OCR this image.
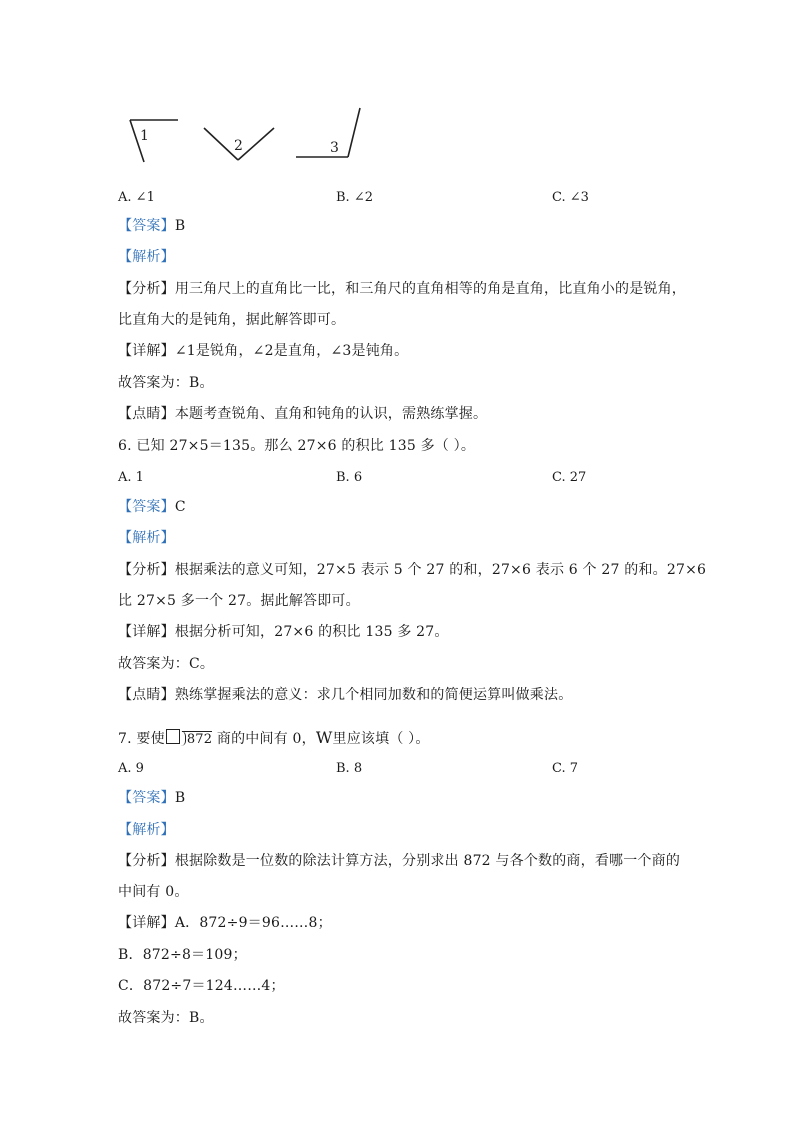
1
2	3
A. ∠1	B. ∠2	C. ∠3
【答案】B
【解析】
【分析】用三角尺上的直角比一比，和三角尺的直角相等的角是直角，比直角小的是锐角，
比直角大的是钝角，据此解答即可。
【详解】∠1是锐角，∠2是直角，∠3是钝角。
故答案为：B。
【点睛】本题考查锐角、直角和钝角的认识，需熟练掌握。
6. 已知 27×5＝135。那么 27×6 的积比 135 多（ ）。
A. 1	B. 6	C. 27
【答案】C
【解析】
【分析】根据乘法的意义可知，27×5 表示 5 个 27 的和，27×6 表示 6 个 27 的和。27×6
比 27×5 多一个 27。据此解答即可。
【详解】根据分析可知，27×6 的积比 135 多 27。
故答案为：C。
【点睛】熟练掌握乘法的意义：求几个相同加数和的简便运算叫做乘法。
7. 要使 872 商的中间有 0，W里应该填（ ）。
A. 9	B. 8	C. 7
【答案】B
【解析】
【分析】根据除数是一位数的除法计算方法，分别求出 872 与各个数的商，看哪一个商的
中间有 0。
【详解】A．872÷9＝96……8；
B．872÷8＝109；
C．872÷7＝124……4；
故答案为：B。
